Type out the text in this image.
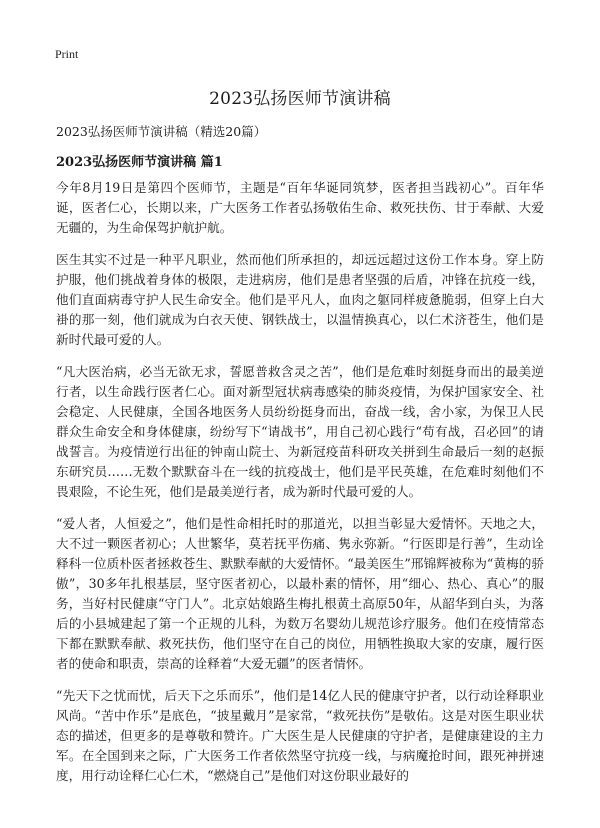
Print
2023弘扬医师节演讲稿

2023弘扬医师节演讲稿（精选20篇）

2023弘扬医师节演讲稿 篇1

今年8月19日是第四个医师节，主题是“百年华诞同筑梦，医者担当践初心”。百年华诞，医者仁心，长期以来，广大医务工作者弘扬敬佑生命、救死扶伤、甘于奉献、大爱无疆的，为生命保驾护航护航。

医生其实不过是一种平凡职业，然而他们所承担的，却远远超过这份工作本身。穿上防护服，他们挑战着身体的极限，走进病房，他们是患者坚强的后盾，冲锋在抗疫一线，他们直面病毒守护人民生命安全。他们是平凡人，血肉之躯同样疲惫脆弱，但穿上白大褂的那一刻，他们就成为白衣天使、钢铁战士，以温情换真心，以仁术济苍生，他们是新时代最可爱的人。

“凡大医治病，必当无欲无求，誓愿普救含灵之苦”，他们是危难时刻挺身而出的最美逆行者，以生命践行医者仁心。面对新型冠状病毒感染的肺炎疫情，为保护国家安全、社会稳定、人民健康，全国各地医务人员纷纷挺身而出，奋战一线，舍小家，为保卫人民群众生命安全和身体健康，纷纷写下“请战书”，用自己初心践行“苟有战，召必回”的请战誓言。为疫情逆行出征的钟南山院士、为新冠疫苗科研攻关拼到生命最后一刻的赵振东研究员……无数个默默奋斗在一线的抗疫战士，他们是平民英雄，在危难时刻他们不畏艰险，不论生死，他们是最美逆行者，成为新时代最可爱的人。

“爱人者，人恒爱之”，他们是性命相托时的那道光，以担当彰显大爱情怀。天地之大，大不过一颗医者初心；人世繁华，莫若抚平伤痛、隽永弥新。“行医即是行善”，生动诠释科一位质朴医者拯救苍生、默默奉献的大爱情怀。“最美医生”邢锦辉被称为“黄梅的骄傲”，30多年扎根基层，坚守医者初心，以最朴素的情怀，用“细心、热心、真心”的服务，当好村民健康“守门人”。北京姑娘路生梅扎根黄土高原50年，从韶华到白头，为落后的小县城建起了第一个正规的儿科，为数万名婴幼儿规范诊疗服务。他们在疫情常态下都在默默奉献、救死扶伤，他们坚守在自己的岗位，用牺牲换取大家的安康，履行医者的使命和职责，崇高的诠释着“大爱无疆”的医者情怀。

“先天下之忧而忧，后天下之乐而乐”，他们是14亿人民的健康守护者，以行动诠释职业风尚。“苦中作乐”是底色，“披星戴月”是家常，“救死扶伤”是敬佑。这是对医生职业状态的描述，但更多的是尊敬和赞许。广大医生是人民健康的守护者，是健康建设的主力军。在全国到来之际，广大医务工作者依然坚守抗疫一线，与病魔抢时间，跟死神拼速度，用行动诠释仁心仁术，“燃烧自己”是他们对这份职业最好的
